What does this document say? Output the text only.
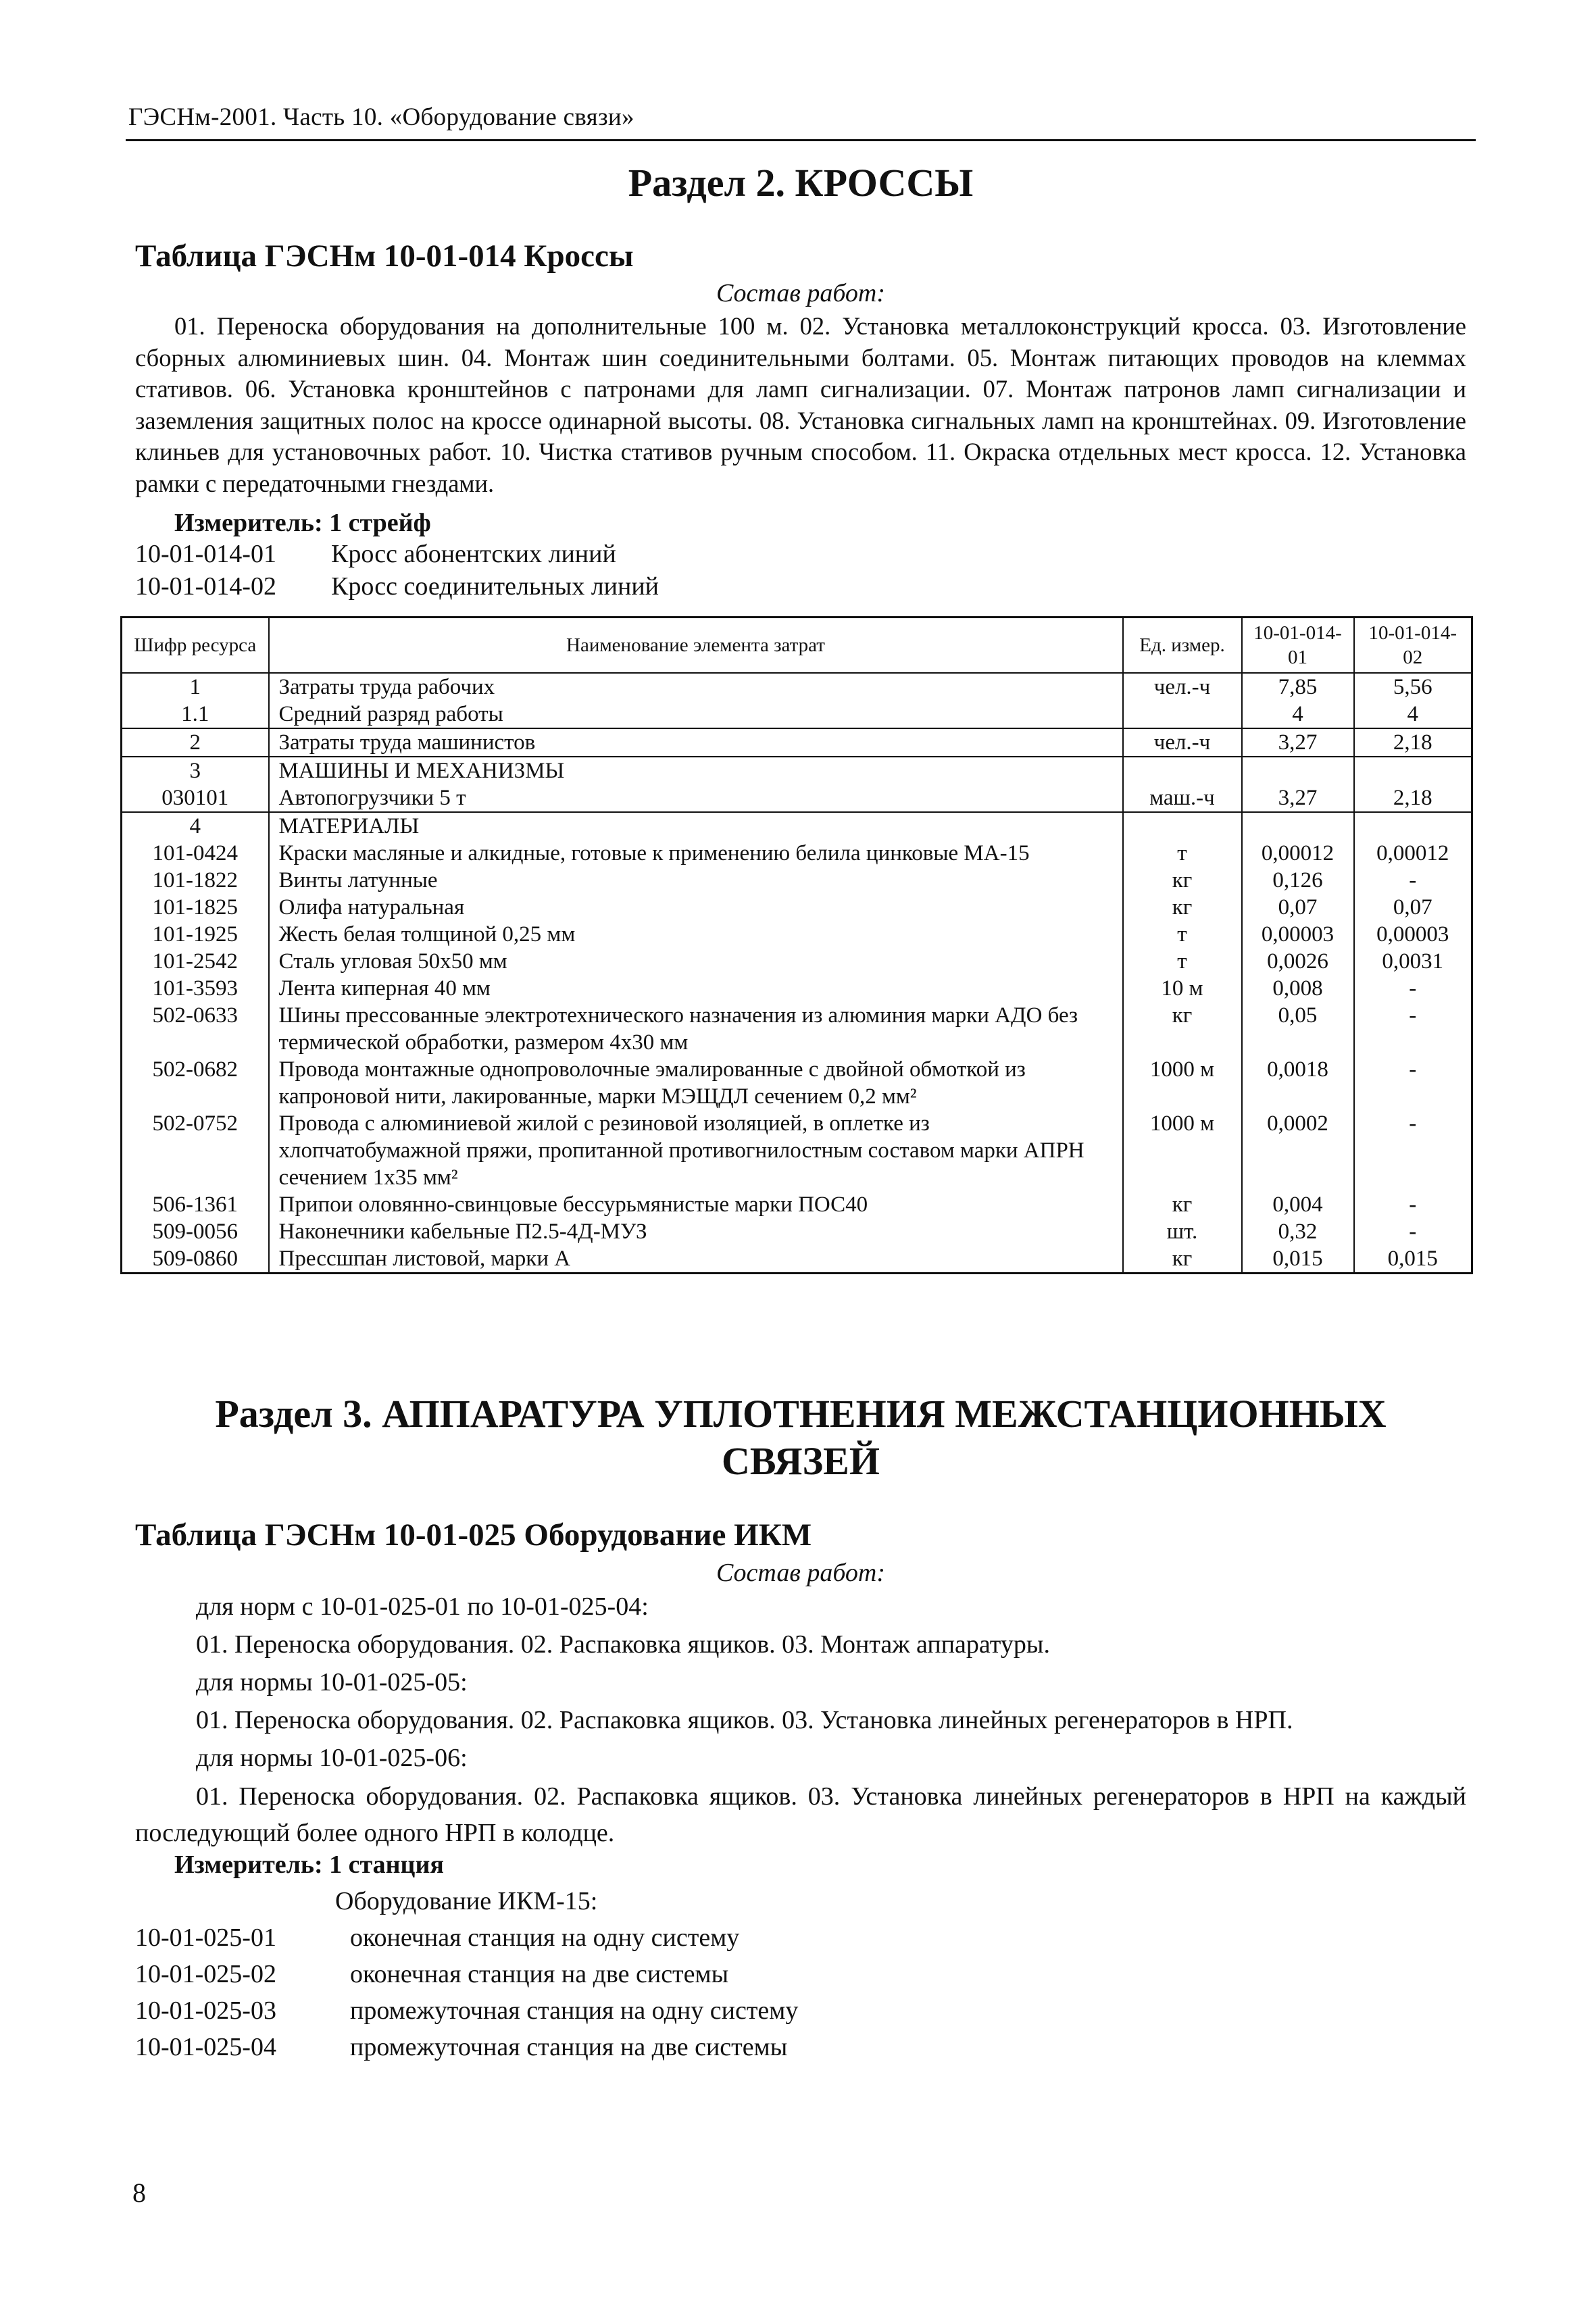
ГЭСНм-2001. Часть 10. «Оборудование связи»
Раздел 2. КРОССЫ
Таблица ГЭСНм 10-01-014 Кроссы
Состав работ:
01. Переноска оборудования на дополнительные 100 м. 02. Установка металлоконструкций кросса. 03. Изготовление сборных алюминиевых шин. 04. Монтаж шин соединительными болтами. 05. Монтаж питающих проводов на клеммах стативов. 06. Установка кронштейнов с патронами для ламп сигнализации. 07. Монтаж патронов ламп сигнализации и заземления защитных полос на кроссе одинарной высоты. 08. Установка сигнальных ламп на кронштейнах. 09. Изготовление клиньев для установочных работ. 10. Чистка стативов ручным способом. 11. Окраска отдельных мест кросса. 12. Установка рамки с передаточными гнездами.
Измеритель: 1 стрейф
10-01-014-01 Кросс абонентских линий
10-01-014-02 Кросс соединительных линий
Шифр ресурса	Наименование элемента затрат	Ед. измер.	10-01-014-01	10-01-014-02
1	Затраты труда рабочих	чел.-ч	7,85	5,56
1.1	Средний разряд работы		4	4
2	Затраты труда машинистов	чел.-ч	3,27	2,18
3	МАШИНЫ И МЕХАНИЗМЫ			
030101	Автопогрузчики 5 т	маш.-ч	3,27	2,18
4	МАТЕРИАЛЫ			
101-0424	Краски масляные и алкидные, готовые к применению белила цинковые МА-15	т	0,00012	0,00012
101-1822	Винты латунные	кг	0,126	-
101-1825	Олифа натуральная	кг	0,07	0,07
101-1925	Жесть белая толщиной 0,25 мм	т	0,00003	0,00003
101-2542	Сталь угловая 50х50 мм	т	0,0026	0,0031
101-3593	Лента киперная 40 мм	10 м	0,008	-
502-0633	Шины прессованные электротехнического назначения из алюминия марки АДО без термической обработки, размером 4х30 мм	кг	0,05	-
502-0682	Провода монтажные однопроволочные эмалированные с двойной обмоткой из капроновой нити, лакированные, марки МЭЩДЛ сечением 0,2 мм²	1000 м	0,0018	-
502-0752	Провода с алюминиевой жилой с резиновой изоляцией, в оплетке из хлопчатобумажной пряжи, пропитанной противогнилостным составом марки АПРН сечением 1х35 мм²	1000 м	0,0002	-
506-1361	Припои оловянно-свинцовые бессурьмянистые марки ПОС40	кг	0,004	-
509-0056	Наконечники кабельные П2.5-4Д-МУЗ	шт.	0,32	-
509-0860	Прессшпан листовой, марки А	кг	0,015	0,015
Раздел 3. АППАРАТУРА УПЛОТНЕНИЯ МЕЖСТАНЦИОННЫХ
СВЯЗЕЙ
Таблица ГЭСНм 10-01-025 Оборудование ИКМ
Состав работ:
для норм с 10-01-025-01 по 10-01-025-04:
01. Переноска оборудования. 02. Распаковка ящиков. 03. Монтаж аппаратуры.
для нормы 10-01-025-05:
01. Переноска оборудования. 02. Распаковка ящиков. 03. Установка линейных регенераторов в НРП.
для нормы 10-01-025-06:
01. Переноска оборудования. 02. Распаковка ящиков. 03. Установка линейных регенераторов в НРП на каждый последующий более одного НРП в колодце.
Измеритель: 1 станция
Оборудование ИКМ-15:
10-01-025-01	оконечная станция на одну систему
10-01-025-02	оконечная станция на две системы
10-01-025-03	промежуточная станция на одну систему
10-01-025-04	промежуточная станция на две системы
8
